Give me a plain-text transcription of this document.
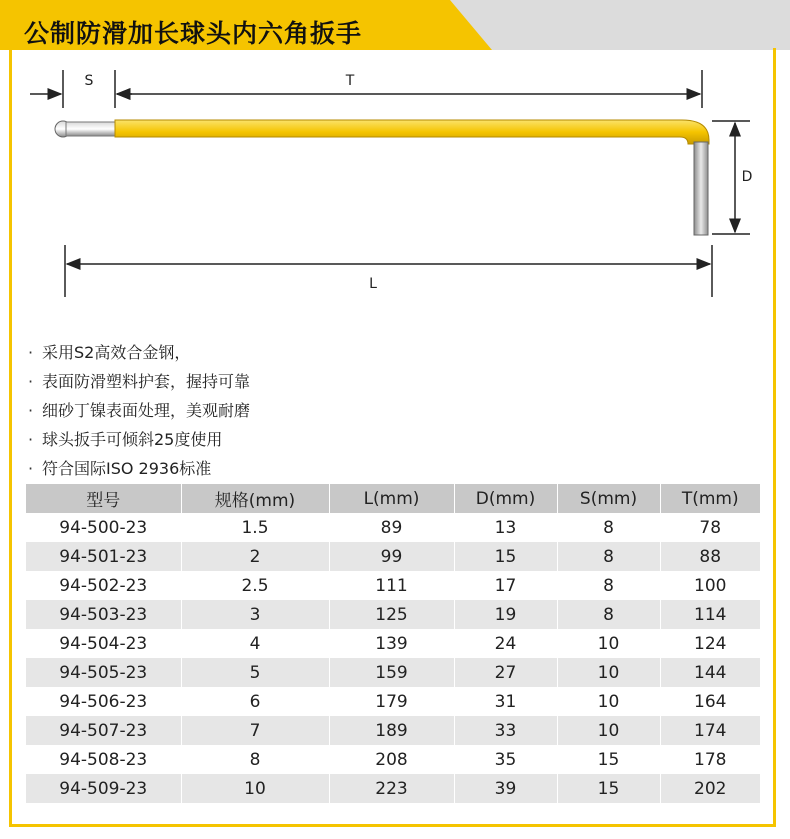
公制防滑加长球头内六角扳手
S	T
D
L
· 采用S2高效合金钢，
· 表面防滑塑料护套，握持可靠
· 细砂丁镍表面处理，美观耐磨
· 球头扳手可倾斜25度使用
· 符合国际ISO 2936标准
型号	规格(mm)	L(mm)	D(mm)	S(mm)	T(mm)
94-500-23	1.5	89	13	8	78
94-501-23	2	99	15	8	88
94-502-23	2.5	111	17	8	100
94-503-23	3	125	19	8	114
94-504-23	4	139	24	10	124
94-505-23	5	159	27	10	144
94-506-23	6	179	31	10	164
94-507-23	7	189	33	10	174
94-508-23	8	208	35	15	178
94-509-23	10	223	39	15	202
